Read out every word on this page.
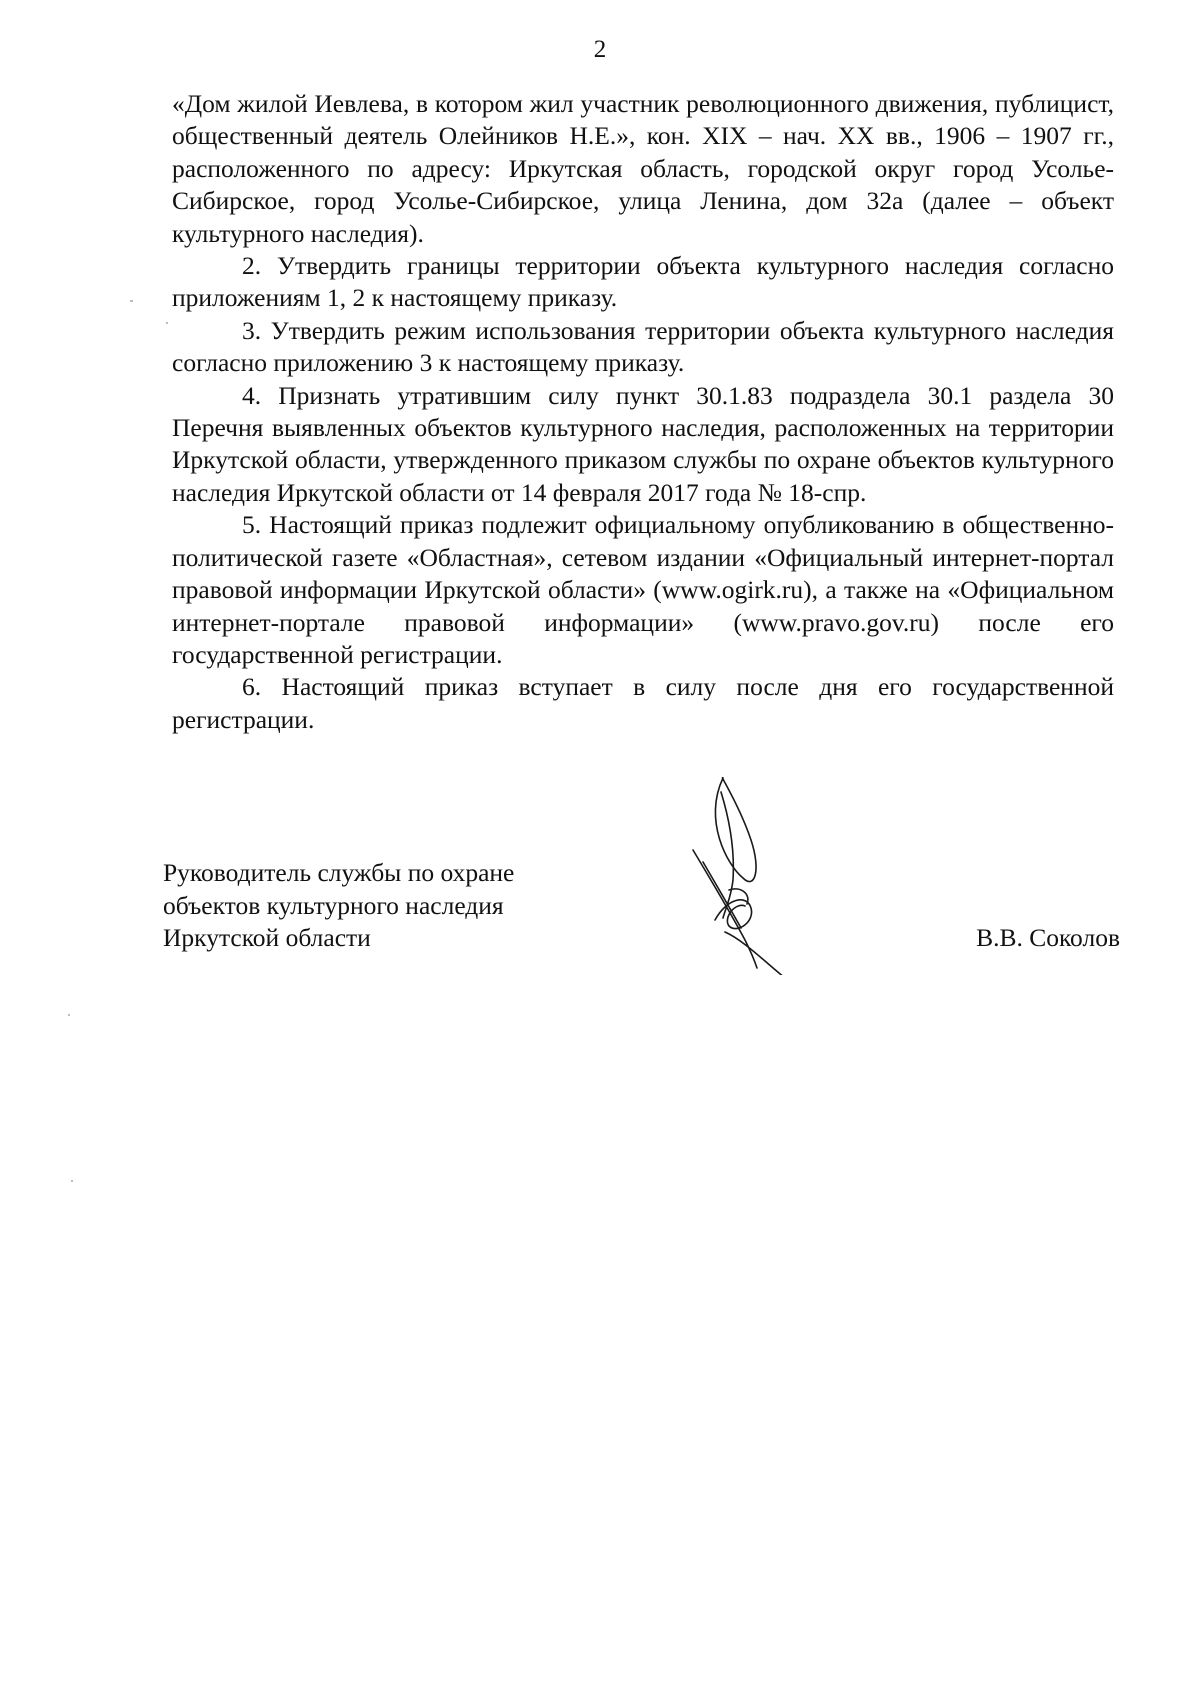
2

«Дом жилой Иевлева, в котором жил участник революционного движения, публицист, общественный деятель Олейников Н.Е.», кон. XIX – нач. XX вв., 1906 – 1907 гг., расположенного по адресу: Иркутская область, городской округ город Усолье-Сибирское, город Усолье-Сибирское, улица Ленина, дом 32а (далее – объект культурного наследия).

2. Утвердить границы территории объекта культурного наследия согласно приложениям 1, 2 к настоящему приказу.

3. Утвердить режим использования территории объекта культурного наследия согласно приложению 3 к настоящему приказу.

4. Признать утратившим силу пункт 30.1.83 подраздела 30.1 раздела 30 Перечня выявленных объектов культурного наследия, расположенных на территории Иркутской области, утвержденного приказом службы по охране объектов культурного наследия Иркутской области от 14 февраля 2017 года № 18-спр.

5. Настоящий приказ подлежит официальному опубликованию в общественно-политической газете «Областная», сетевом издании «Официальный интернет-портал правовой информации Иркутской области» (www.ogirk.ru), а также на «Официальном интернет-портале правовой информации» (www.pravo.gov.ru) после его государственной регистрации.

6. Настоящий приказ вступает в силу после дня его государственной регистрации.

Руководитель службы по охране
объектов культурного наследия
Иркутской области	В.В. Соколов
